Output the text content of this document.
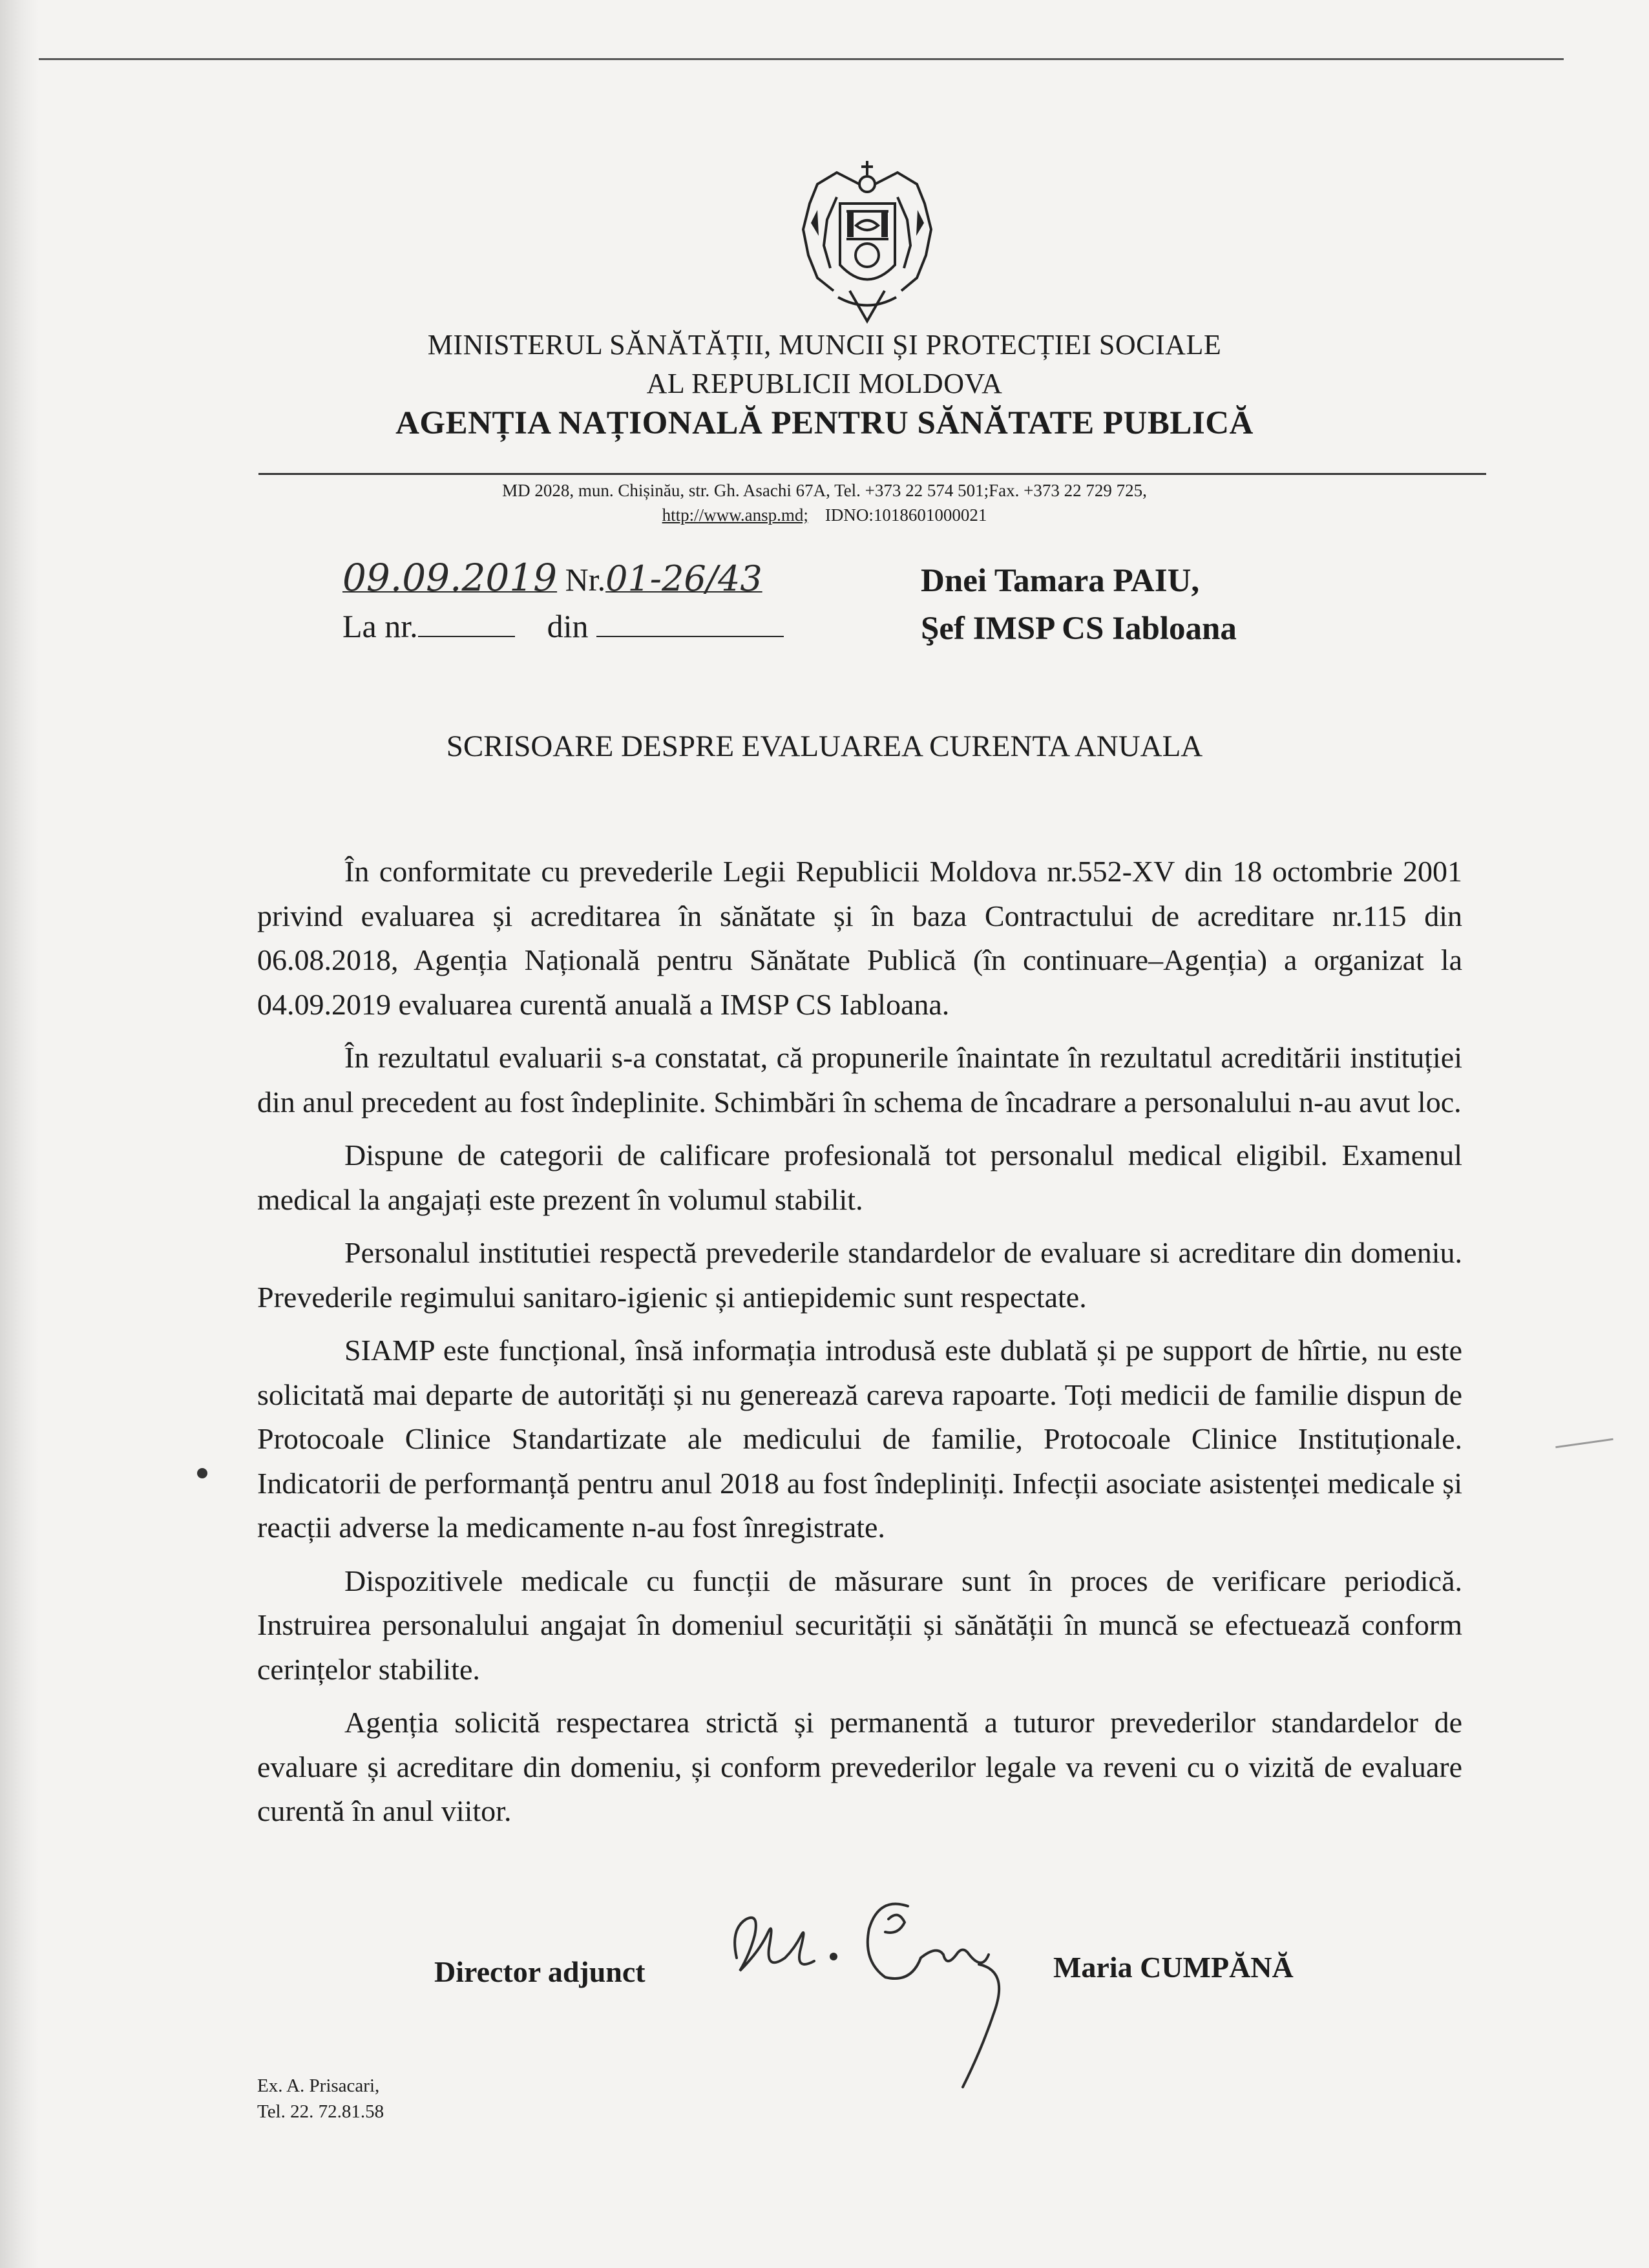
MINISTERUL SĂNĂTĂȚII, MUNCII ȘI PROTECȚIEI SOCIALE
AL REPUBLICII MOLDOVA
AGENȚIA NAȚIONALĂ PENTRU SĂNĂTATE PUBLICĂ
MD 2028, mun. Chișinău, str. Gh. Asachi 67A, Tel. +373 22 574 501;Fax. +373 22 729 725,
http://www.ansp.md; IDNO:1018601000021
09.09.2019 Nr.01-26/43
La nr.	din
Dnei Tamara PAIU,
Şef IMSP CS Iabloana
SCRISOARE DESPRE EVALUAREA CURENTA ANUALA

În conformitate cu prevederile Legii Republicii Moldova nr.552-XV din 18 octombrie 2001 privind evaluarea și acreditarea în sănătate și în baza Contractului de acreditare nr.115 din 06.08.2018, Agenția Națională pentru Sănătate Publică (în continuare–Agenția) a organizat la 04.09.2019 evaluarea curentă anuală a IMSP CS Iabloana.

În rezultatul evaluarii s-a constatat, că propunerile înaintate în rezultatul acreditării instituției din anul precedent au fost îndeplinite. Schimbări în schema de încadrare a personalului n-au avut loc.

Dispune de categorii de calificare profesională tot personalul medical eligibil. Examenul medical la angajați este prezent în volumul stabilit.

Personalul institutiei respectă prevederile standardelor de evaluare si acreditare din domeniu. Prevederile regimului sanitaro-igienic și antiepidemic sunt respectate.

SIAMP este funcțional, însă informația introdusă este dublată și pe support de hîrtie, nu este solicitată mai departe de autorități și nu generează careva rapoarte. Toți medicii de familie dispun de Protocoale Clinice Standartizate ale medicului de familie, Protocoale Clinice Instituționale. Indicatorii de performanță pentru anul 2018 au fost îndepliniți. Infecții asociate asistenței medicale și reacții adverse la medicamente n-au fost înregistrate.

Dispozitivele medicale cu funcții de măsurare sunt în proces de verificare periodică. Instruirea personalului angajat în domeniul securității și sănătății în muncă se efectuează conform cerințelor stabilite.

Agenția solicită respectarea strictă și permanentă a tuturor prevederilor standardelor de evaluare și acreditare din domeniu, și conform prevederilor legale va reveni cu o vizită de evaluare curentă în anul viitor.

Director adjunct	Maria CUMPĂNĂ
Ex. A. Prisacari,
Tel. 22. 72.81.58
